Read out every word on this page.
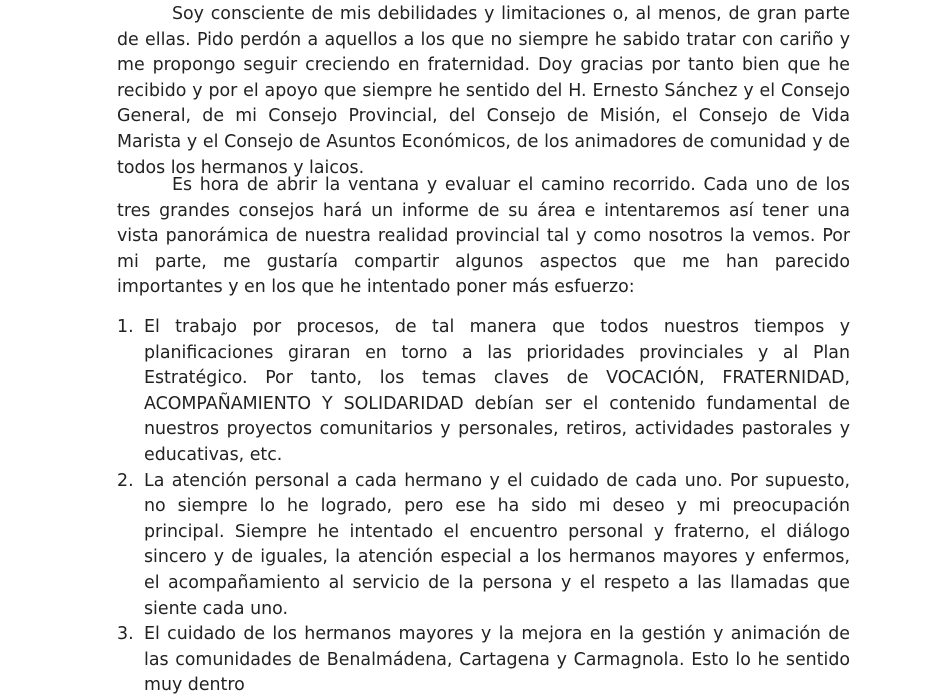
Soy consciente de mis debilidades y limitaciones o, al menos, de gran parte de ellas. Pido perdón a aquellos a los que no siempre he sabido tratar con cariño y me propongo seguir creciendo en fraternidad. Doy gracias por tanto bien que he recibido y por el apoyo que siempre he sentido del H. Ernesto Sánchez y el Consejo General, de mi Consejo Provincial, del Consejo de Misión, el Consejo de Vida Marista y el Consejo de Asuntos Económicos, de los animadores de comunidad y de todos los hermanos y laicos.

Es hora de abrir la ventana y evaluar el camino recorrido. Cada uno de los tres grandes consejos hará un informe de su área e intentaremos así tener una vista panorámica de nuestra realidad provincial tal y como nosotros la vemos. Por mi parte, me gustaría compartir algunos aspectos que me han parecido importantes y en los que he intentado poner más esfuerzo:

1. El trabajo por procesos, de tal manera que todos nuestros tiempos y planificaciones giraran en torno a las prioridades provinciales y al Plan Estratégico. Por tanto, los temas claves de VOCACIÓN, FRATERNIDAD, ACOMPAÑAMIENTO Y SOLIDARIDAD debían ser el contenido fundamental de nuestros proyectos comunitarios y personales, retiros, actividades pastorales y educativas, etc.
2. La atención personal a cada hermano y el cuidado de cada uno. Por supuesto, no siempre lo he logrado, pero ese ha sido mi deseo y mi preocupación principal. Siempre he intentado el encuentro personal y fraterno, el diálogo sincero y de iguales, la atención especial a los hermanos mayores y enfermos, el acompañamiento al servicio de la persona y el respeto a las llamadas que siente cada uno.
3. El cuidado de los hermanos mayores y la mejora en la gestión y animación de las comunidades de Benalmádena, Cartagena y Carmagnola. Esto lo he sentido muy dentro
